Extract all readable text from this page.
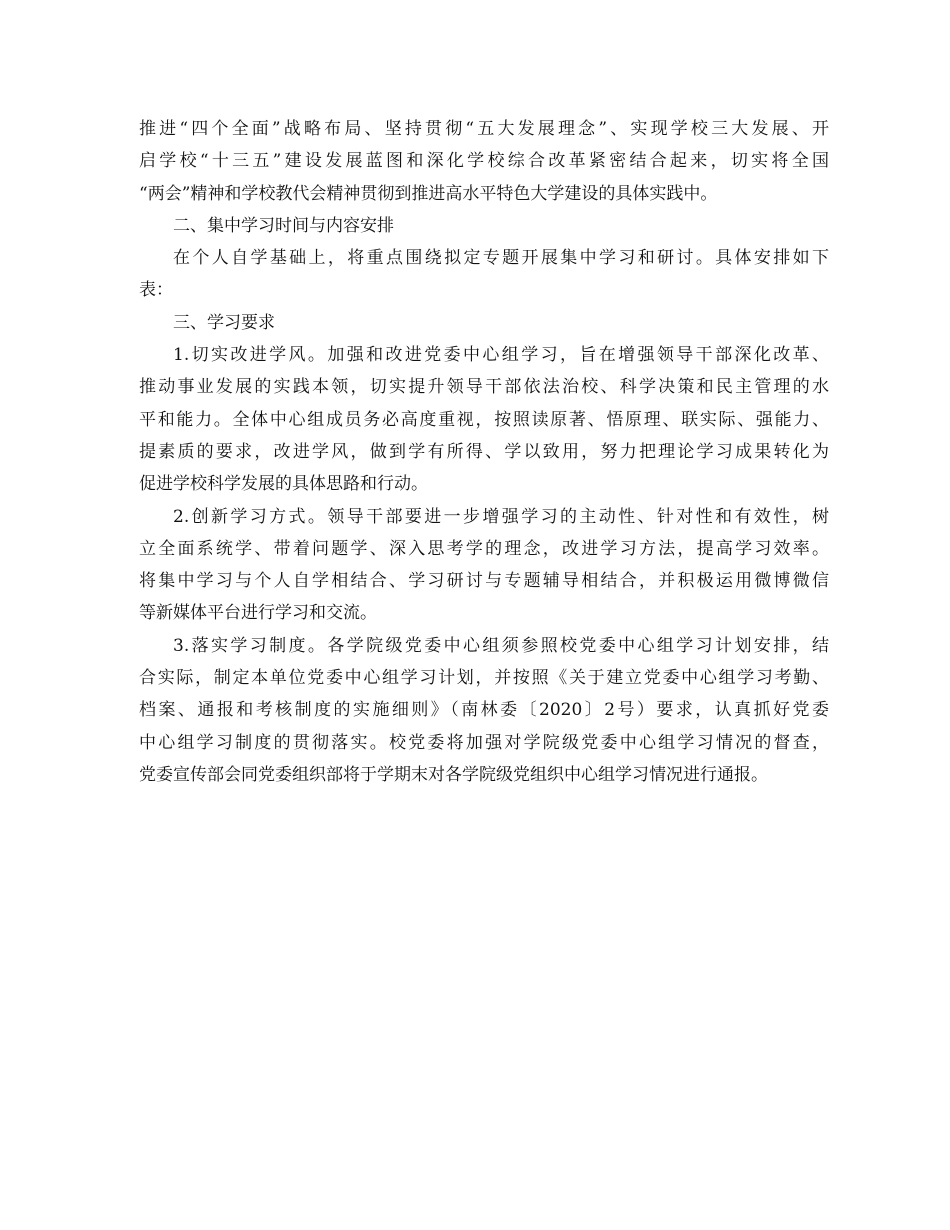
推进“四个全面”战略布局、坚持贯彻“五大发展理念”、实现学校三大发展、开
启学校“十三五”建设发展蓝图和深化学校综合改革紧密结合起来，切实将全国
“两会”精神和学校教代会精神贯彻到推进高水平特色大学建设的具体实践中。
二、集中学习时间与内容安排
在个人自学基础上，将重点围绕拟定专题开展集中学习和研讨。具体安排如下
表：
三、学习要求
1.切实改进学风。加强和改进党委中心组学习，旨在增强领导干部深化改革、
推动事业发展的实践本领，切实提升领导干部依法治校、科学决策和民主管理的水
平和能力。全体中心组成员务必高度重视，按照读原著、悟原理、联实际、强能力、
提素质的要求，改进学风，做到学有所得、学以致用，努力把理论学习成果转化为
促进学校科学发展的具体思路和行动。
2.创新学习方式。领导干部要进一步增强学习的主动性、针对性和有效性，树
立全面系统学、带着问题学、深入思考学的理念，改进学习方法，提高学习效率。
将集中学习与个人自学相结合、学习研讨与专题辅导相结合，并积极运用微博微信
等新媒体平台进行学习和交流。
3.落实学习制度。各学院级党委中心组须参照校党委中心组学习计划安排，结
合实际，制定本单位党委中心组学习计划，并按照《关于建立党委中心组学习考勤、
档案、通报和考核制度的实施细则》（南林委〔2020〕2号）要求，认真抓好党委
中心组学习制度的贯彻落实。校党委将加强对学院级党委中心组学习情况的督查，
党委宣传部会同党委组织部将于学期末对各学院级党组织中心组学习情况进行通报。
